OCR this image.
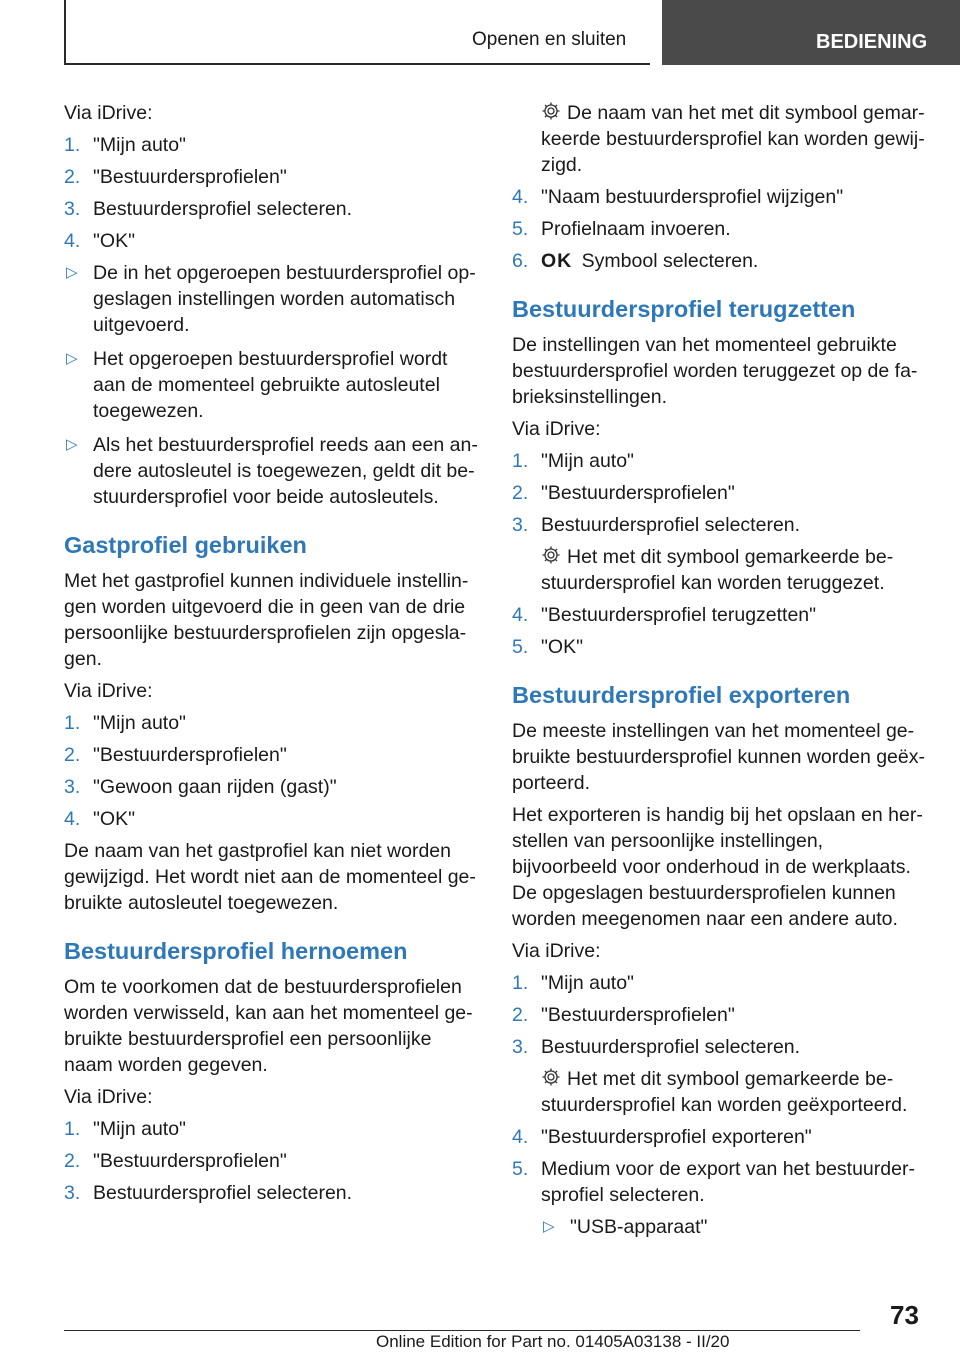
Openen en sluiten	BEDIENING

Via iDrive:

1. "Mijn auto"
2. "Bestuurdersprofielen"
3. Bestuurdersprofiel selecteren.
4. "OK"
▷ De in het opgeroepen bestuurdersprofiel opgeslagen instellingen worden automatisch uitgevoerd.
▷ Het opgeroepen bestuurdersprofiel wordt aan de momenteel gebruikte autosleutel toegewezen.
▷ Als het bestuurdersprofiel reeds aan een andere autosleutel is toegewezen, geldt dit bestuurdersprofiel voor beide autosleutels.
Gastprofiel gebruiken

Met het gastprofiel kunnen individuele instellingen worden uitgevoerd die in geen van de drie persoonlijke bestuurdersprofielen zijn opgeslagen.

Via iDrive:

1. "Mijn auto"
2. "Bestuurdersprofielen"
3. "Gewoon gaan rijden (gast)"
4. "OK"

De naam van het gastprofiel kan niet worden gewijzigd. Het wordt niet aan de momenteel gebruikte autosleutel toegewezen.

Bestuurdersprofiel hernoemen

Om te voorkomen dat de bestuurdersprofielen worden verwisseld, kan aan het momenteel gebruikte bestuurdersprofiel een persoonlijke naam worden gegeven.

Via iDrive:

1. "Mijn auto"
2. "Bestuurdersprofielen"
3. Bestuurdersprofiel selecteren.
De naam van het met dit symbool gemarkeerde bestuurdersprofiel kan worden gewijzigd.
4. "Naam bestuurdersprofiel wijzigen"
5. Profielnaam invoeren.
6. OK Symbool selecteren.
Bestuurdersprofiel terugzetten

De instellingen van het momenteel gebruikte bestuurdersprofiel worden teruggezet op de fabrieksinstellingen.

Via iDrive:

1. "Mijn auto"
2. "Bestuurdersprofielen"
3. Bestuurdersprofiel selecteren.
Het met dit symbool gemarkeerde bestuurdersprofiel kan worden teruggezet.
4. "Bestuurdersprofiel terugzetten"
5. "OK"
Bestuurdersprofiel exporteren

De meeste instellingen van het momenteel gebruikte bestuurdersprofiel kunnen worden geëxporteerd.

Het exporteren is handig bij het opslaan en herstellen van persoonlijke instellingen, bijvoorbeeld voor onderhoud in de werkplaats. De opgeslagen bestuurdersprofielen kunnen worden meegenomen naar een andere auto.

Via iDrive:

1. "Mijn auto"
2. "Bestuurdersprofielen"
3. Bestuurdersprofiel selecteren.
Het met dit symbool gemarkeerde bestuurdersprofiel kan worden geëxporteerd.
4. "Bestuurdersprofiel exporteren"
5. Medium voor de export van het bestuurdersprofiel selecteren.
▷ "USB-apparaat"
73
Online Edition for Part no. 01405A03138 - II/20
